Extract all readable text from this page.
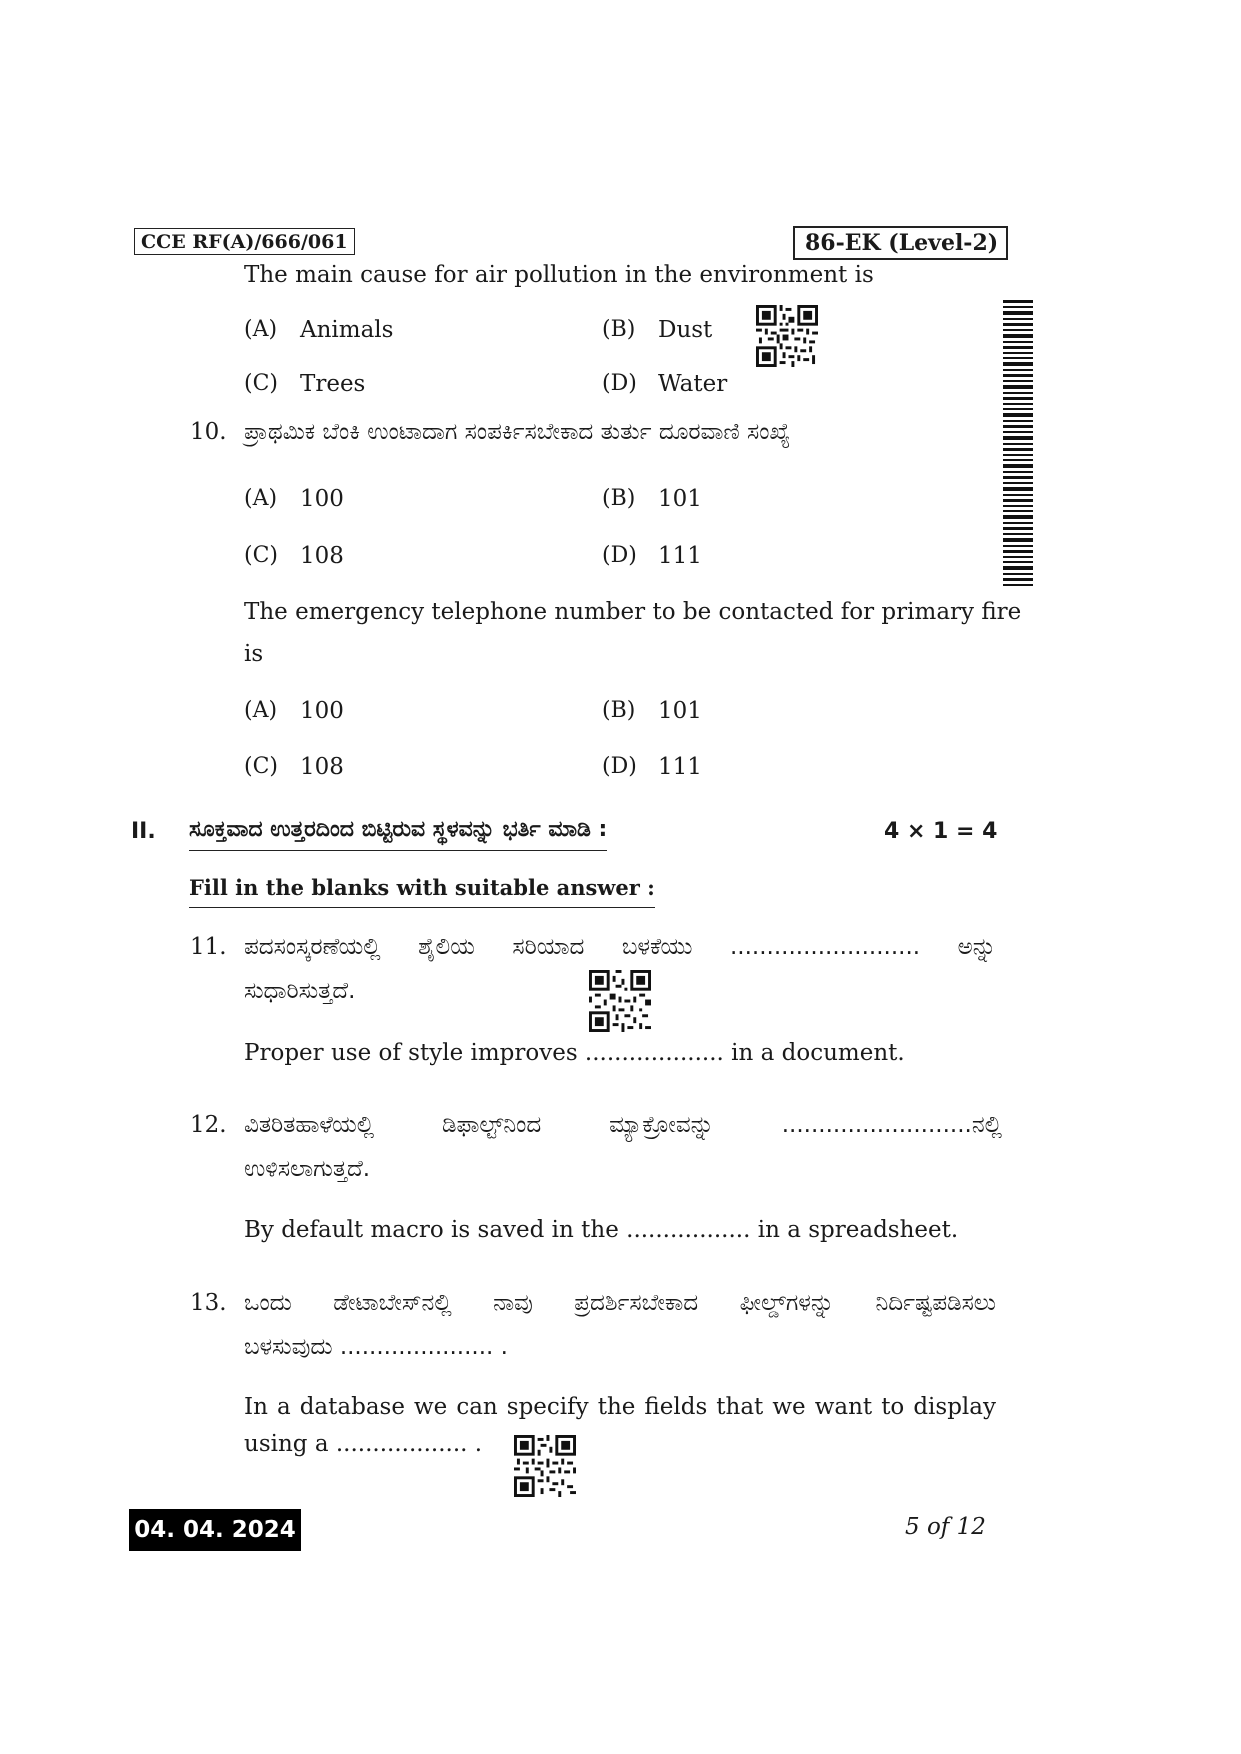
CCE RF(A)/666/061	86-EK (Level-2)
The main cause for air pollution in the environment is
(A) Animals	(B) Dust
(C) Trees	(D) Water
10. ಪ್ರಾಥಮಿಕ ಬೆಂಕಿ ಉಂಟಾದಾಗ ಸಂಪರ್ಕಿಸಬೇಕಾದ ತುರ್ತು ದೂರವಾಣಿ ಸಂಖ್ಯೆ
(A) 100	(B) 101
(C) 108	(D) 111
The emergency telephone number to be contacted for primary fire
is
(A) 100	(B) 101
(C) 108	(D) 111
II. ಸೂಕ್ತವಾದ ಉತ್ತರದಿಂದ ಬಿಟ್ಟಿರುವ ಸ್ಥಳವನ್ನು ಭರ್ತಿ ಮಾಡಿ :	4 × 1 = 4
Fill in the blanks with suitable answer :
11. ಪದಸಂಸ್ಕರಣೆಯಲ್ಲಿ ಶೈಲಿಯ ಸರಿಯಾದ ಬಳಕೆಯು .......................... ಅನ್ನು
ಸುಧಾರಿಸುತ್ತದೆ.
Proper use of style improves ................... in a document.
12. ವಿತರಿತಹಾಳೆಯಲ್ಲಿ ಡಿಫಾಲ್ಟ್‌ನಿಂದ ಮ್ಯಾಕ್ರೋವನ್ನು ..........................ನಲ್ಲಿ
ಉಳಿಸಲಾಗುತ್ತದೆ.
By default macro is saved in the ................. in a spreadsheet.
13. ಒಂದು ಡೇಟಾಬೇಸ್‌ನಲ್ಲಿ ನಾವು ಪ್ರದರ್ಶಿಸಬೇಕಾದ ಫೀಲ್ಡ್‌ಗಳನ್ನು ನಿರ್ದಿಷ್ಟಪಡಿಸಲು
ಬಳಸುವುದು ..................... .
In a database we can specify the fields that we want to display
using a .................. .
04. 04. 2024	5 of 12
